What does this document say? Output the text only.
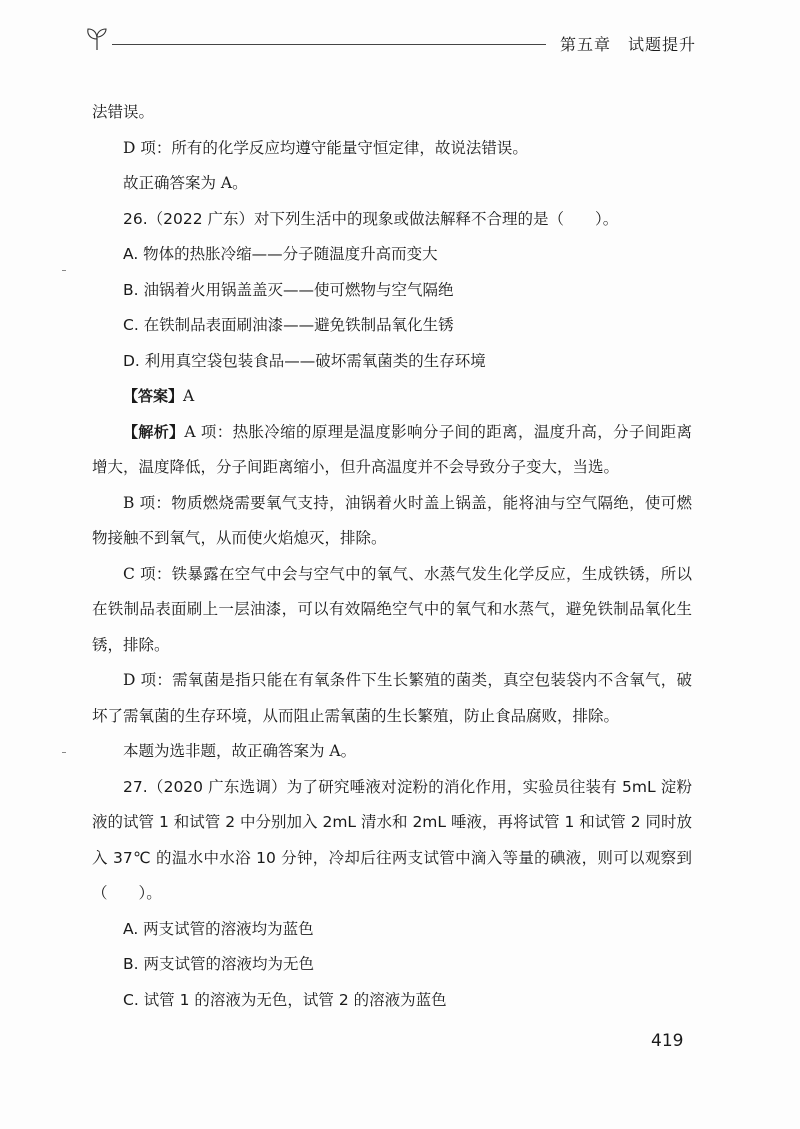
第五章　试题提升

法错误。

D 项：所有的化学反应均遵守能量守恒定律，故说法错误。

故正确答案为 A。

26.（2022 广东）对下列生活中的现象或做法解释不合理的是（　　）。

A. 物体的热胀冷缩——分子随温度升高而变大

B. 油锅着火用锅盖盖灭——使可燃物与空气隔绝

C. 在铁制品表面刷油漆——避免铁制品氧化生锈

D. 利用真空袋包装食品——破坏需氧菌类的生存环境

【答案】A

【解析】A 项：热胀冷缩的原理是温度影响分子间的距离，温度升高，分子间距离增大，温度降低，分子间距离缩小，但升高温度并不会导致分子变大，当选。

B 项：物质燃烧需要氧气支持，油锅着火时盖上锅盖，能将油与空气隔绝，使可燃物接触不到氧气，从而使火焰熄灭，排除。

C 项：铁暴露在空气中会与空气中的氧气、水蒸气发生化学反应，生成铁锈，所以在铁制品表面刷上一层油漆，可以有效隔绝空气中的氧气和水蒸气，避免铁制品氧化生锈，排除。

D 项：需氧菌是指只能在有氧条件下生长繁殖的菌类，真空包装袋内不含氧气，破坏了需氧菌的生存环境，从而阻止需氧菌的生长繁殖，防止食品腐败，排除。

本题为选非题，故正确答案为 A。

27.（2020 广东选调）为了研究唾液对淀粉的消化作用，实验员往装有 5mL 淀粉液的试管 1 和试管 2 中分别加入 2mL 清水和 2mL 唾液，再将试管 1 和试管 2 同时放入 37℃ 的温水中水浴 10 分钟，冷却后往两支试管中滴入等量的碘液，则可以观察到（　　）。

A. 两支试管的溶液均为蓝色

B. 两支试管的溶液均为无色

C. 试管 1 的溶液为无色，试管 2 的溶液为蓝色

419
